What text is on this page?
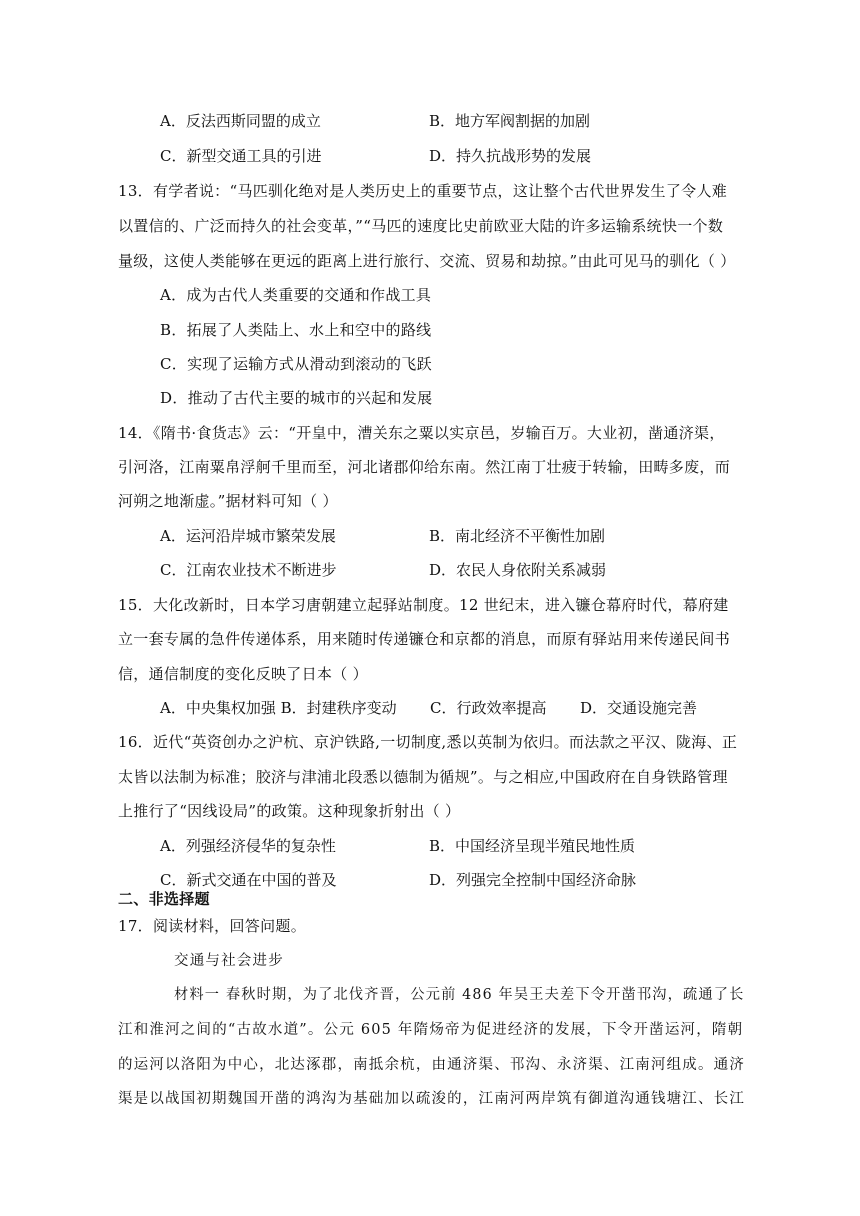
A．反法西斯同盟的成立	B．地方军阀割据的加剧
C．新型交通工具的引进	D．持久抗战形势的发展
13．有学者说：“马匹驯化绝对是人类历史上的重要节点，这让整个古代世界发生了令人难
以置信的、广泛而持久的社会变革，”“马匹的速度比史前欧亚大陆的许多运输系统快一个数
量级，这使人类能够在更远的距离上进行旅行、交流、贸易和劫掠。”由此可见马的驯化（ ）
A．成为古代人类重要的交通和作战工具
B．拓展了人类陆上、水上和空中的路线
C．实现了运输方式从滑动到滚动的飞跃
D．推动了古代主要的城市的兴起和发展
14．《隋书·食货志》云：“开皇中，漕关东之粟以实京邑，岁输百万。大业初，凿通济渠，
引河洛，江南粟帛浮舸千里而至，河北诸郡仰给东南。然江南丁壮疲于转输，田畴多废，而
河朔之地渐虚。”据材料可知（ ）
A．运河沿岸城市繁荣发展	B．南北经济不平衡性加剧
C．江南农业技术不断进步	D．农民人身依附关系减弱
15．大化改新时，日本学习唐朝建立起驿站制度。12 世纪末，进入镰仓幕府时代，幕府建
立一套专属的急件传递体系，用来随时传递镰仓和京都的消息，而原有驿站用来传递民间书
信，通信制度的变化反映了日本（ ）
A．中央集权加强 B．封建秩序变动 C．行政效率提高 D．交通设施完善
16．近代“英资创办之沪杭、京沪铁路,一切制度,悉以英制为依归。而法款之平汉、陇海、正
太皆以法制为标准；胶济与津浦北段悉以德制为循规”。与之相应,中国政府在自身铁路管理
上推行了“因线设局”的政策。这种现象折射出（ ）
A．列强经济侵华的复杂性	B．中国经济呈现半殖民地性质
C．新式交通在中国的普及	D．列强完全控制中国经济命脉
二、非选择题
17．阅读材料，回答问题。
交通与社会进步
材料一 春秋时期，为了北伐齐晋，公元前 486 年吴王夫差下令开凿邗沟，疏通了长
江和淮河之间的“古故水道”。公元 605 年隋炀帝为促进经济的发展，下令开凿运河，隋朝
的运河以洛阳为中心，北达涿郡，南抵余杭，由通济渠、邗沟、永济渠、江南河组成。通济
渠是以战国初期魏国开凿的鸿沟为基础加以疏浚的，江南河两岸筑有御道沟通钱塘江、长江
